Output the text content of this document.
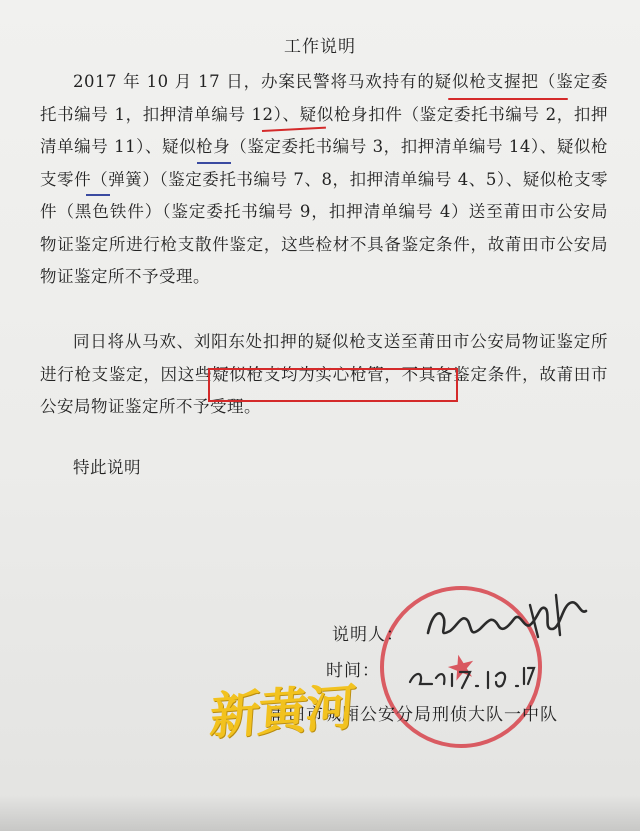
工作说明
2017 年 10 月 17 日，办案民警将马欢持有的疑似枪支握把（鉴定委托书编号 1，扣押清单编号 12）、疑似枪身扣件（鉴定委托书编号 2，扣押清单编号 11）、疑似枪身（鉴定委托书编号 3，扣押清单编号 14）、疑似枪支零件（弹簧）（鉴定委托书编号 7、8，扣押清单编号 4、5）、疑似枪支零件（黑色铁件）（鉴定委托书编号 9，扣押清单编号 4）送至莆田市公安局物证鉴定所进行枪支散件鉴定，这些检材不具备鉴定条件，故莆田市公安局物证鉴定所不予受理。
同日将从马欢、刘阳东处扣押的疑似枪支送至莆田市公安局物证鉴定所进行枪支鉴定，因这些疑似枪支均为实心枪管，不具备鉴定条件，故莆田市公安局物证鉴定所不予受理。
特此说明
★
说明人：
时间：
莆田市城厢公安分局刑侦大队一中队
新黄河
